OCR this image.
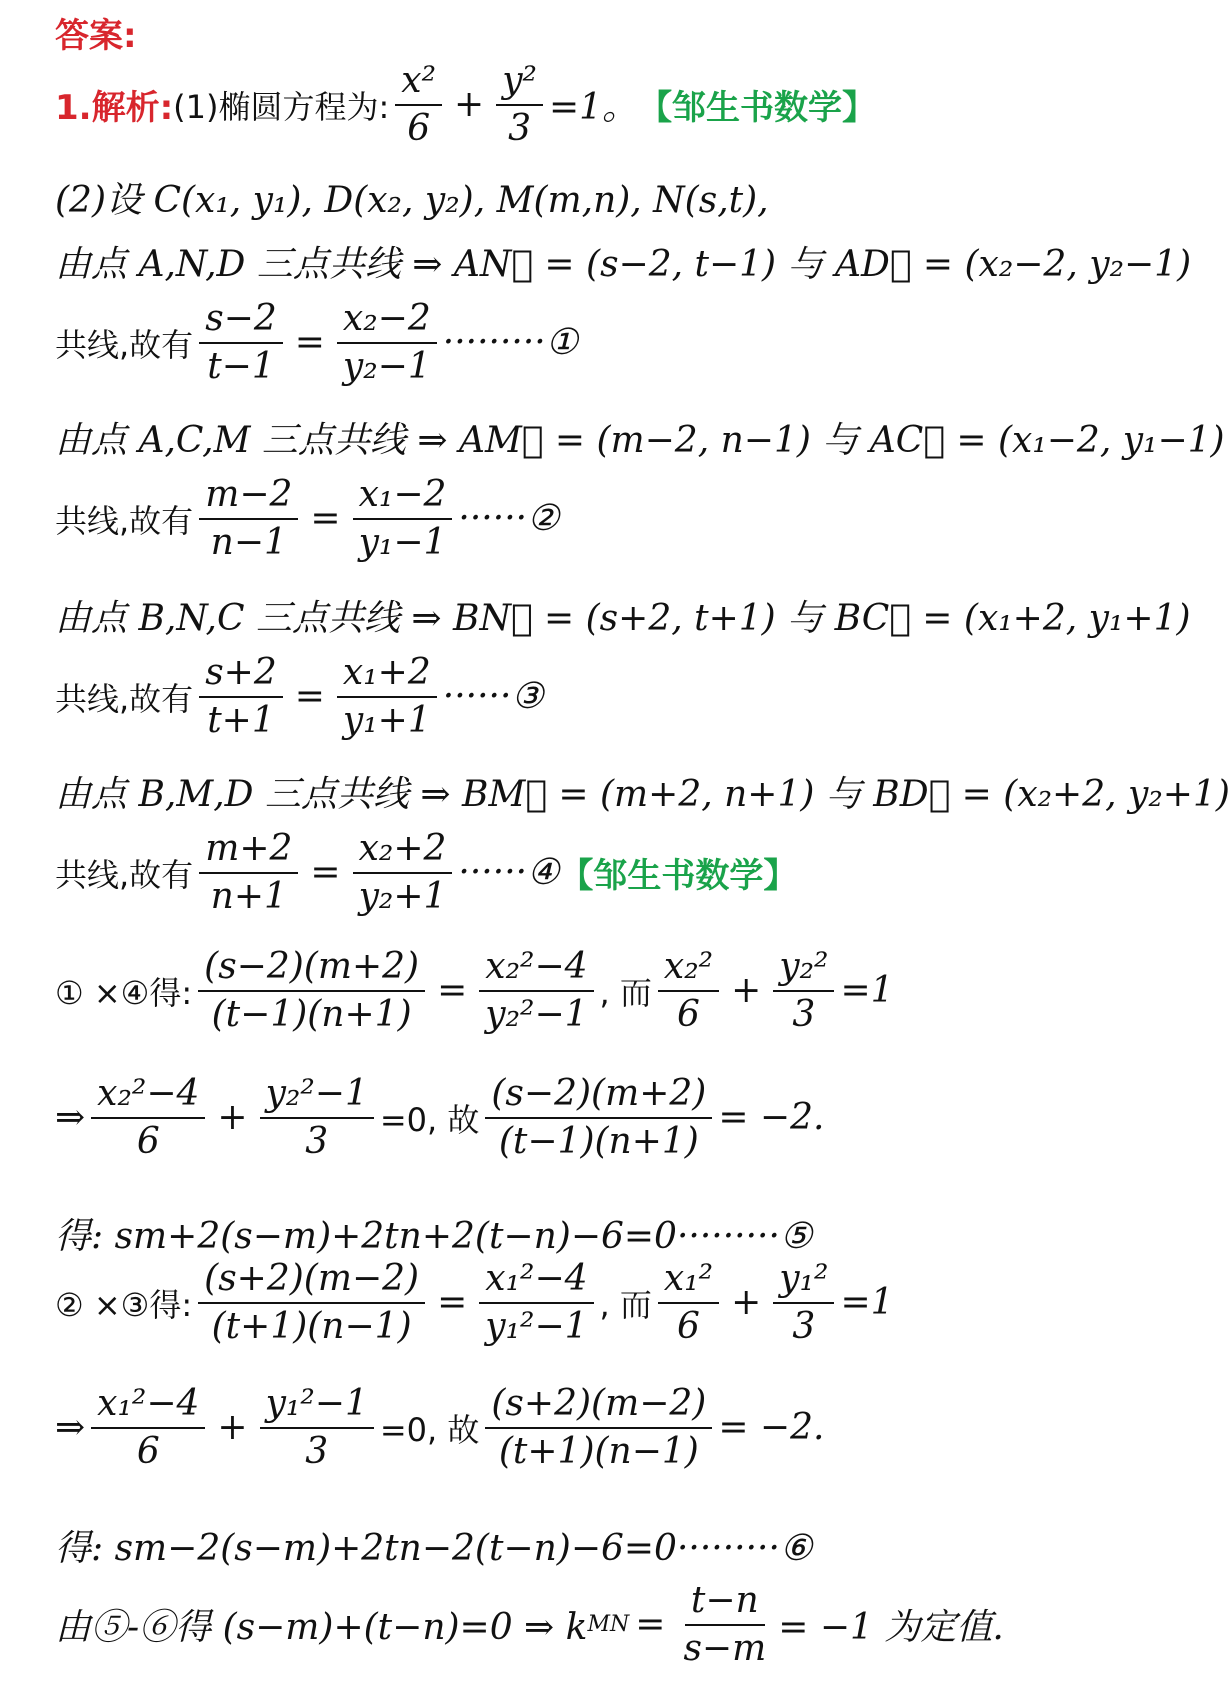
答案:
1.解析: (1)椭圆方程为: $\frac{\text{x²}}{6} + \frac{\text{y²}}{3} =1$。 【邹生书数学】
(2)设 C(x₁, y₁), D(x₂, y₂), M(m,n), N(s,t),
由点 A,N,D 三点共线 ⇒ AN⃗ = (s−2, t−1) 与 AD⃗ = (x₂−2, y₂−1)
共线,故有 $\frac{s-2}{t-1} = \frac{\text{x₂−2}}{\text{y₂−1}}$ ·········①
由点 A,C,M 三点共线 ⇒ AM⃗ = (m−2, n−1) 与 AC⃗ = (x₁−2, y₁−1)
共线,故有 $\frac{m-2}{n-1} = \frac{\text{x₁−2}}{\text{y₁−1}}$ ······②
由点 B,N,C 三点共线 ⇒ BN⃗ = (s+2, t+1) 与 BC⃗ = (x₁+2, y₁+1)
共线,故有 $\frac{s+2}{t+1} = \frac{\text{x₁+2}}{\text{y₁+1}}$ ······③
由点 B,M,D 三点共线 ⇒ BM⃗ = (m+2, n+1) 与 BD⃗ = (x₂+2, y₂+1)
共线,故有 $\frac{m+2}{n+1} = \frac{\text{x₂+2}}{\text{y₂+1}}$ ······④ 【邹生书数学】
① ×④得: $\frac{(s-2)(m+2)}{(t-1)(n+1)} = \frac{\text{x₂²−4}}{\text{y₂²−1}}$ , 而 $\frac{\text{x₂²}}{6} + \frac{\text{y₂²}}{3} =1$
⇒ $\frac{\text{x₂²−4}}{6} + \frac{\text{y₂²−1}}{3} =0$, 故 $\frac{(s-2)(m+2)}{(t-1)(n+1)} = -2$.
得: sm+2(s−m)+2tn+2(t−n)−6=0·········⑤
② ×③得: $\frac{(s+2)(m-2)}{(t+1)(n-1)} = \frac{\text{x₁²−4}}{\text{y₁²−1}}$ , 而 $\frac{\text{x₁²}}{6} + \frac{\text{y₁²}}{3} =1$
⇒ $\frac{\text{x₁²−4}}{6} + \frac{\text{y₁²−1}}{3} =0$, 故 $\frac{(s+2)(m-2)}{(t+1)(n-1)} = -2$.
得: sm−2(s−m)+2tn−2(t−n)−6=0·········⑥
由⑤-⑥得 (s−m)+(t−n)=0 ⇒ k MN = $\frac{t-n}{s-m} = -1$ 为定值.
